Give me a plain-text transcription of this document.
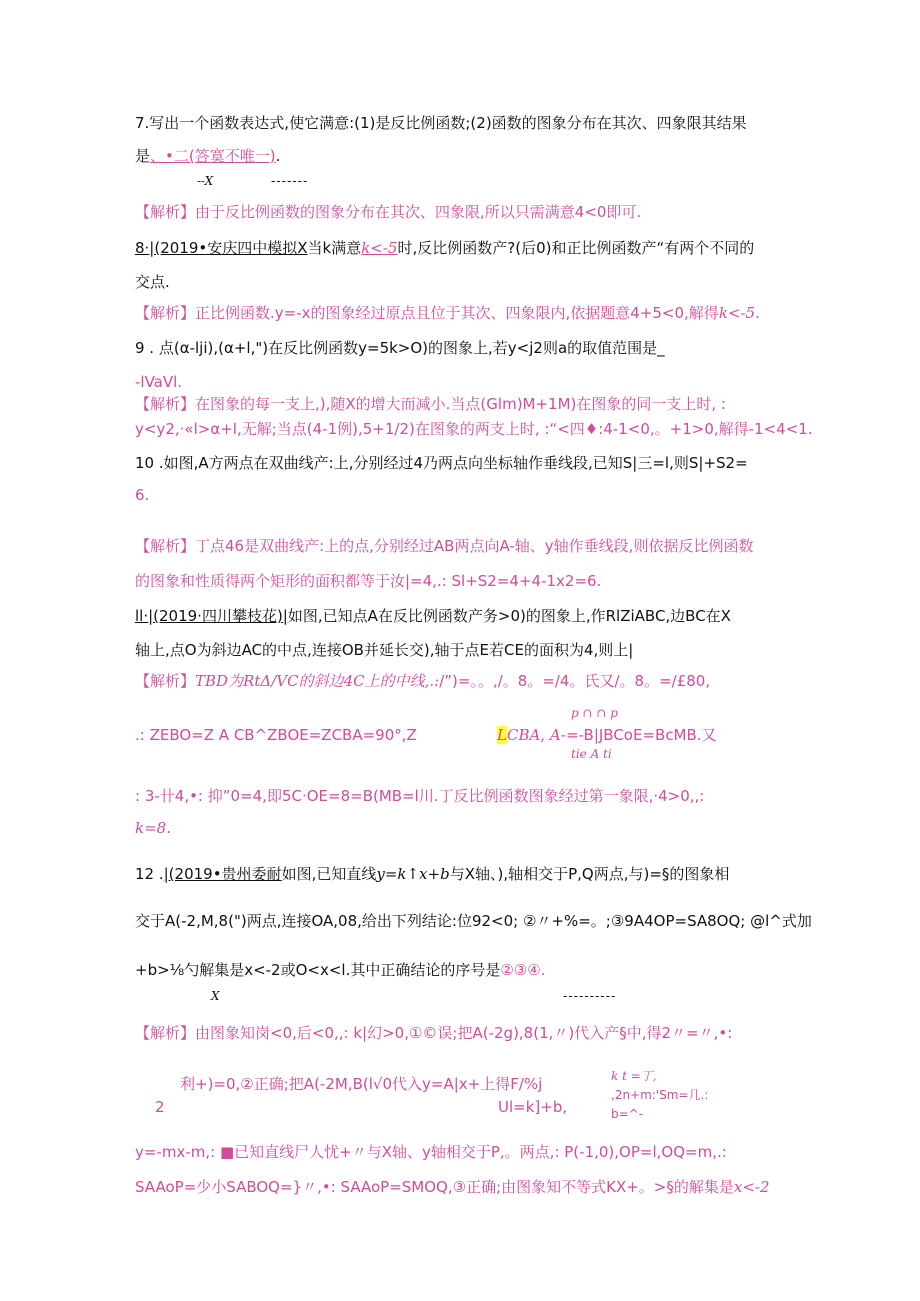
7.写出一个函数表达式,使它满意:(1)是反比例函数;(2)函数的图象分布在其次、四象限其结果
是、•二(答寞不唯一).
--X	-------
【解析】由于反比例函数的图象分布在其次、四象限,所以只需满意4<0即可.
8·|(2019•安庆四中模拟X当k满意k<-5时,反比例函数产?(后0)和正比例函数产“有两个不同的
交点.
【解析】正比例函数.y=-x的图象经过原点且位于其次、四象限内,依据题意4+5<0,解得k<-5.
9 . 点(α-lji),(α+l,")在反比例函数y=5k>O)的图象上,若y<j2则a的取值范围是_
-lVaVl.
【解析】在图象的每一支上,),随X的增大而减小.当点(Glm)M+1M)在图象的同一支上时, :
y<y2,·«l>α+l,无解;当点(4-1例),5+1/2)在图象的两支上时, :“<四♦:4-1<0,。+1>0,解得-1<4<1.
10 .如图,A方两点在双曲线产:上,分别经过4乃两点向坐标轴作垂线段,已知S|三=l,则S|+S2=
6.
【解析】丁点46是双曲线产:上的点,分别经过AB两点向A-轴、y轴作垂线段,则依据反比例函数
的图象和性质得两个矩形的面积都等于汝|=4,.: Sl+S2=4+4-1x2=6.
ll·|(2019·四川攀枝花)|如图,已知点A在反比例函数产务>0)的图象上,作RlZiABC,边BC在X
轴上,点O为斜边AC的中点,连接OB并延长交),轴于点E若CE的面积为4,则上|
【解析】TBD为RtΔ/VC的斜边4C上的中线,.:/”)=。。,/。8。=/4。氏又/。8。=/£80,
p ∩ ∩ p
.: ZEBO=Z A CB^ZBOE=ZCBA=90°,Z	LCBA, A-=-B|JBCoE=BcMB.又
tie A ti
: 3-卄4,•: 抑”0=4,即5C·OE=8=B(MB=l川.丁反比例函数图象经过第一象限,·4>0,,:
k=8.
12 .|(2019•贵州委耐如图,已知直线y=k↑x+b与X轴、),轴相交于P,Q两点,与)=§的图象相
交于A(-2,M,8(")两点,连接OA,08,给出下列结论:位92<0; ②〃+%=。;③9A4OP=SA8OQ; @l^式加
+b>⅛勺解集是x<-2或O<x<l.其中正确结论的序号是②③④.
X	----------
【解析】由图象知岗<0,后<0,,: k|幻>0,①©误;把A(-2g),8(1,〃)代入产§中,得2〃=〃,•:
k t =丁,
利+)=0,②正确;把A(-2M,B(l√0代入y=A|x+上得F/%j
,2n+m:'Sm=几.:
2	Ul=k]+b,	b=^-
y=-mx-m,: ■已知直线尸人忧+〃与X轴、y轴相交于P,。两点,: P(-1,0),OP=l,OQ=m,.:
SAAoP=少小SABOQ=}〃,•: SAAoP=SMOQ,③正确;由图象知不等式KX+。>§的解集是x<-2
